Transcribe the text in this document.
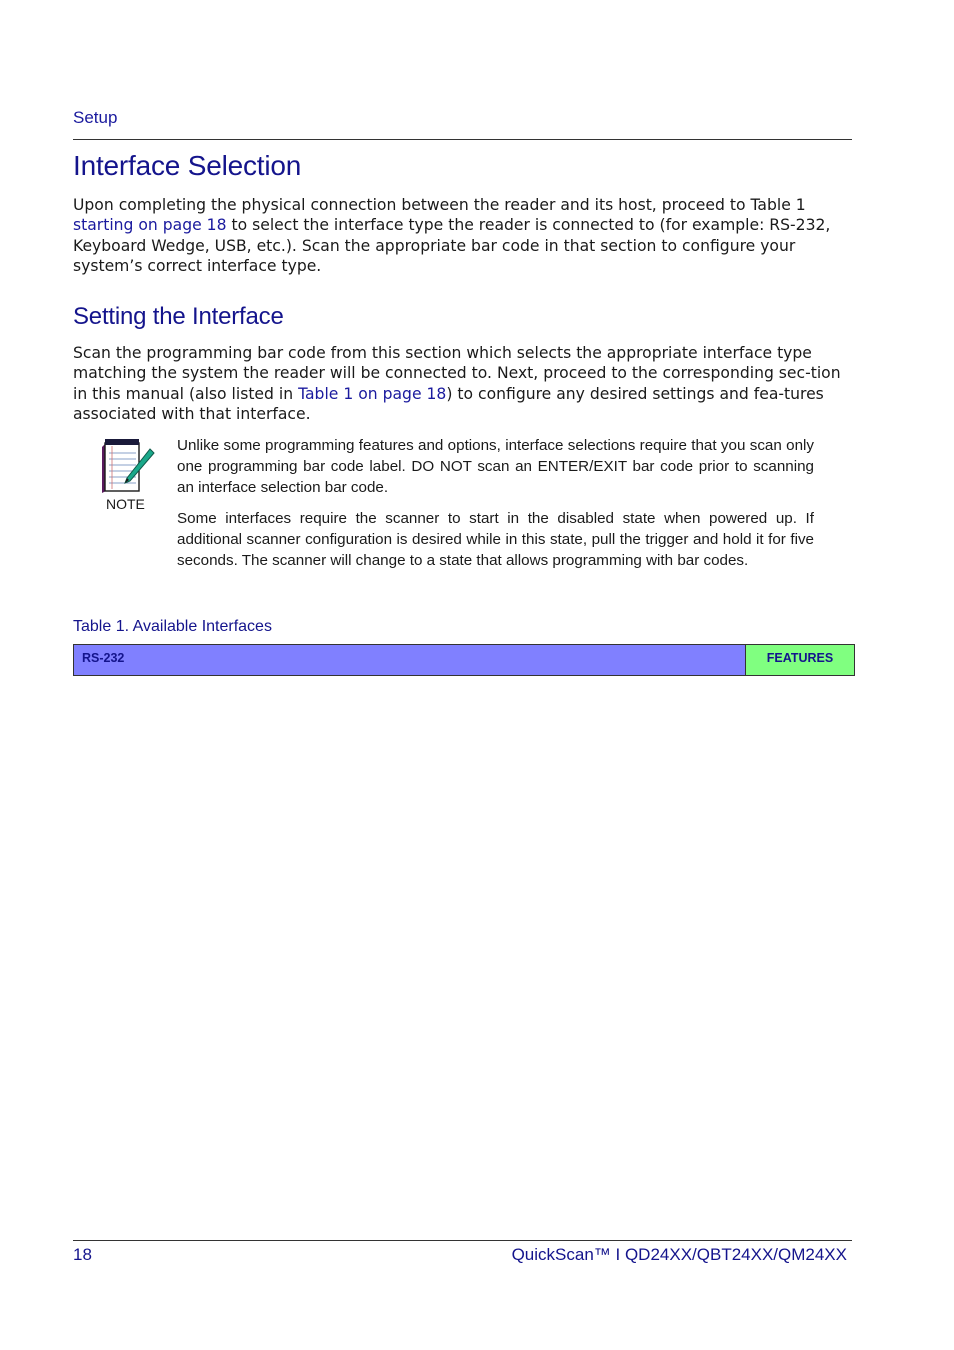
Setup
Interface Selection

Upon completing the physical connection between the reader and its host, proceed to Table 1 starting on page 18 to select the interface type the reader is connected to (for example: RS-232, Keyboard Wedge, USB, etc.). Scan the appropriate bar code in that section to configure your system’s correct interface type.

Setting the Interface

Scan the programming bar code from this section which selects the appropriate interface type matching the system the reader will be connected to. Next, proceed to the corresponding sec-tion in this manual (also listed in Table 1 on page 18) to configure any desired settings and fea-tures associated with that interface.

NOTE

Unlike some programming features and options, interface selections require that you scan only one programming bar code label. DO NOT scan an ENTER/EXIT bar code prior to scanning an interface selection bar code.

Some interfaces require the scanner to start in the disabled state when powered up. If additional scanner configuration is desired while in this state, pull the trigger and hold it for five seconds. The scanner will change to a state that allows programming with bar codes.

Table 1. Available Interfaces
RS-232	FEATURES
18	QuickScan™ I QD24XX/QBT24XX/QM24XX
